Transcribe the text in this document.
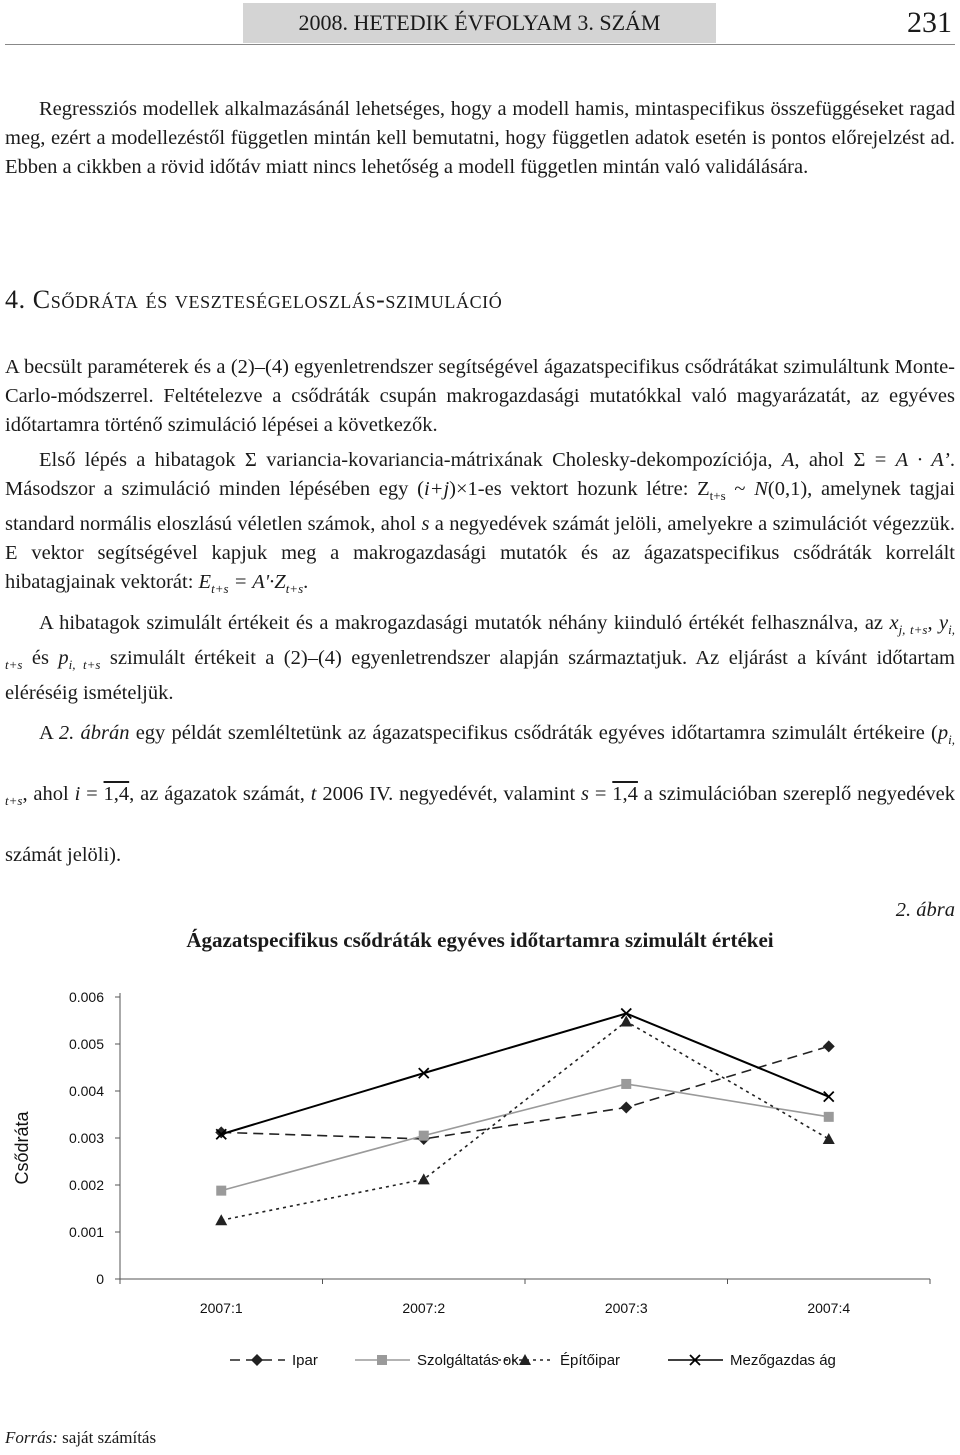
2008. HETEDIK ÉVFOLYAM 3. SZÁM	231

Regressziós modellek alkalmazásánál lehetséges, hogy a modell hamis, mintaspecifikus összefüggéseket ragad meg, ezért a modellezéstől független mintán kell bemutatni, hogy független adatok esetén is pontos előrejelzést ad. Ebben a cikkben a rövid időtáv miatt nincs lehetőség a modell független mintán való validálására.

4. Csődráta és veszteségeloszlás-szimuláció

A becsült paraméterek és a (2)–(4) egyenletrendszer segítségével ágazatspecifikus csődrátákat szimuláltunk Monte-Carlo-módszerrel. Feltételezve a csődráták csupán makrogazdasági mutatókkal való magyarázatát, az egyéves időtartamra történő szimuláció lépései a következők.

Első lépés a hibatagok Σ variancia-kovariancia-mátrixának Cholesky-dekompozíciója, A, ahol Σ = A ∙ A’. Másodszor a szimuláció minden lépésében egy (i+j)×1-es vektort hozunk létre: $Z_{t+s}$ ~ N(0,1), amelynek tagjai standard normális eloszlású véletlen számok, ahol s a negyedévek számát jelöli, amelyekre a szimulációt végezzük. E vektor segítségével kapjuk meg a makrogazdasági mutatók és az ágazatspecifikus csődráták korrelált hibatagjainak vektorát: $E_{t+s} = A'\cdot Z_{t+s}$.

A hibatagok szimulált értékeit és a makrogazdasági mutatók néhány kiinduló értékét felhasználva, az $x_{j, t+s}$, $y_{i, t+s}$ és $p_{i, t+s}$ szimulált értékeit a (2)–(4) egyenletrendszer alapján származtatjuk. Az eljárást a kívánt időtartam eléréséig ismételjük.

A 2. ábrán egy példát szemléltetünk az ágazatspecifikus csődráták egyéves időtartamra szimulált értékeire ($p_{i, t+s}$, ahol i = 1,4, az ágazatok számát, t 2006 IV. negyedévét, valamint s = 1,4 a szimulációban szereplő negyedévek számát jelöli).

2. ábra
Ágazatspecifikus csődráták egyéves időtartamra szimulált értékei
0
0.001
0.002
0.003
0.004
0.005
0.006
2007:1	2007:2	2007:3	2007:4
Csődráta
Ipar	Szolgáltatás ok	Építőipar	Mezőgazdas ág
Forrás: saját számítás
